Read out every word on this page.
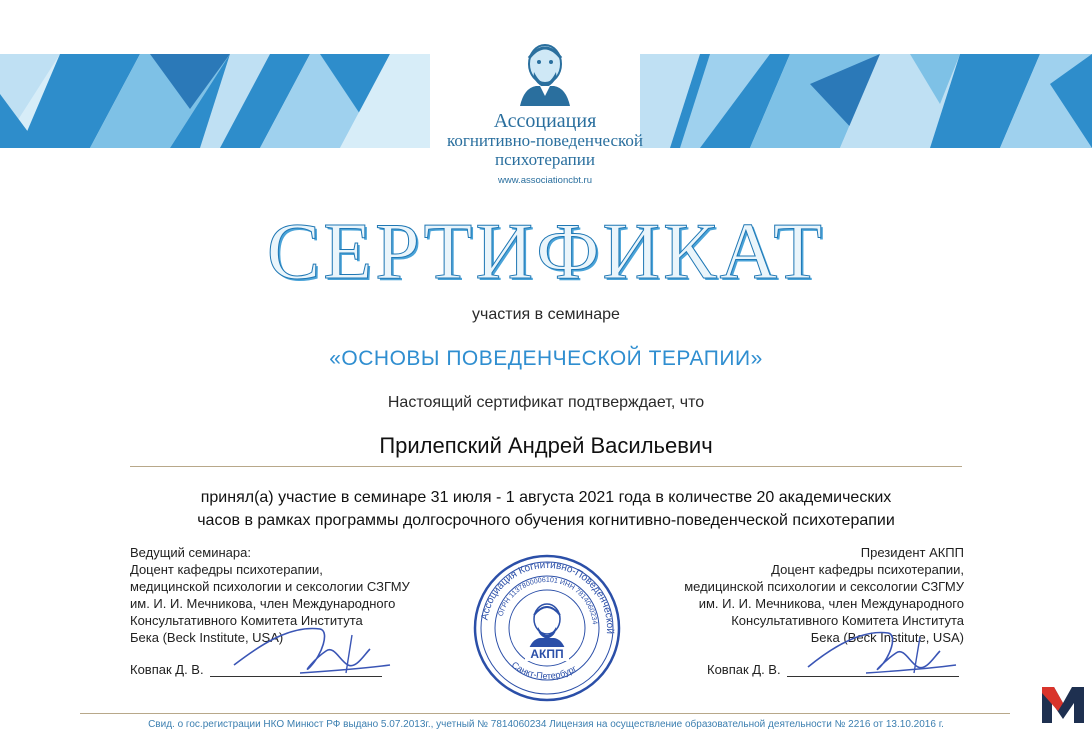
Ассоциация
когнитивно-поведенческой
психотерапии
www.associationcbt.ru
СЕРТИФИКАТ
участия в семинаре
«ОСНОВЫ ПОВЕДЕНЧЕСКОЙ ТЕРАПИИ»
Настоящий сертификат подтверждает, что
Прилепский Андрей Васильевич
принял(а) участие в семинаре 31 июля - 1 августа 2021 года в количестве 20 академических
часов в рамках программы долгосрочного обучения когнитивно-поведенческой психотерапии
Ведущий семинара:
Доцент кафедры психотерапии,
медицинской психологии и сексологии СЗГМУ
им. И. И. Мечникова, член Международного
Консультативного Комитета Института
Бека (Beck Institute, USA)
Ковпак Д. В.
Президент АКПП
Доцент кафедры психотерапии,
медицинской психологии и сексологии СЗГМУ
им. И. И. Мечникова, член Международного
Консультативного Комитета Института
Бека (Beck Institute, USA)
Ковпак Д. В.
Ассоциация Когнитивно-Поведенческой
ОГРН 1137800006101 ИНН 7814060234
Санкт-Петербург
АКПП
Свид. о гос.регистрации НКО Минюст РФ выдано 5.07.2013г., учетный № 7814060234 Лицензия на осуществление образовательной деятельности № 2216 от 13.10.2016 г.
